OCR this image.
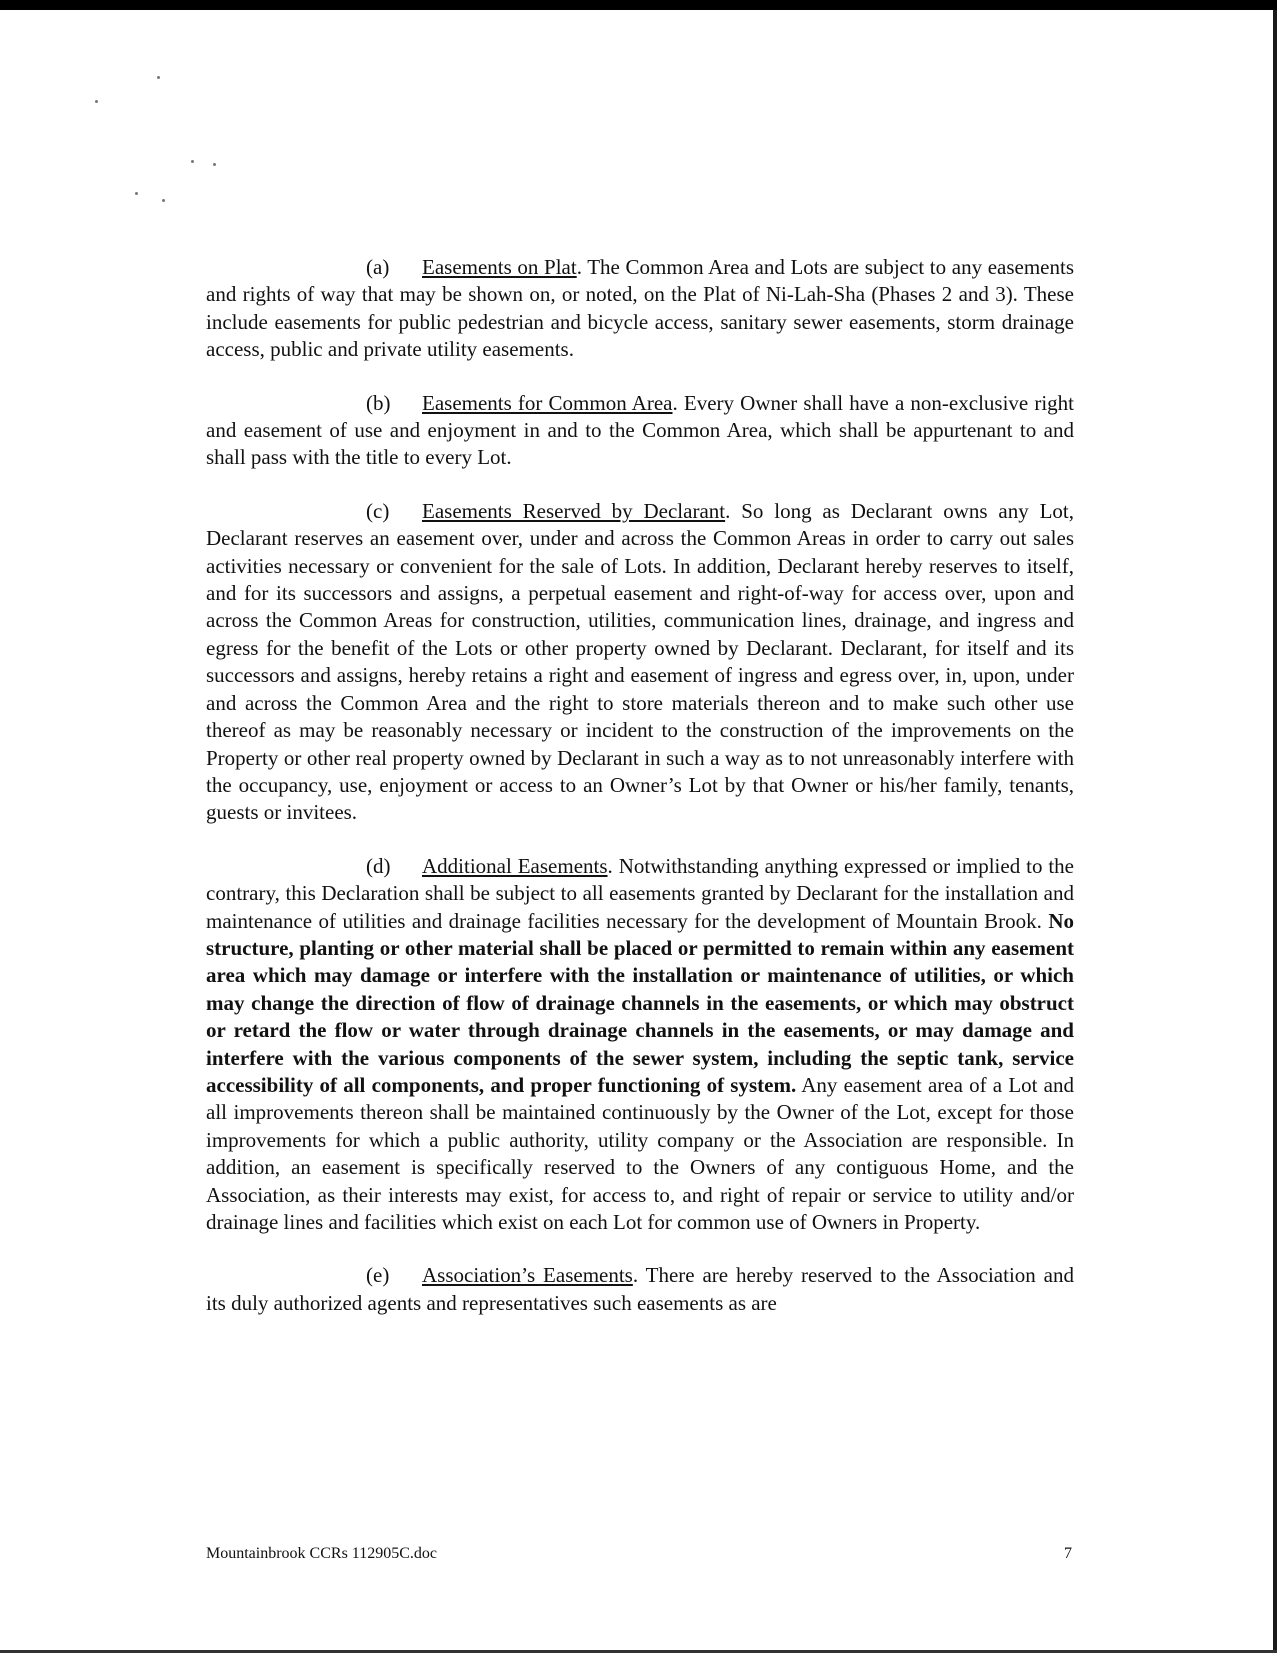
(a) Easements on Plat. The Common Area and Lots are subject to any easements and rights of way that may be shown on, or noted, on the Plat of Ni-Lah-Sha (Phases 2 and 3). These include easements for public pedestrian and bicycle access, sanitary sewer easements, storm drainage access, public and private utility easements.

(b) Easements for Common Area. Every Owner shall have a non-exclusive right and easement of use and enjoyment in and to the Common Area, which shall be appurtenant to and shall pass with the title to every Lot.

(c) Easements Reserved by Declarant. So long as Declarant owns any Lot, Declarant reserves an easement over, under and across the Common Areas in order to carry out sales activities necessary or convenient for the sale of Lots. In addition, Declarant hereby reserves to itself, and for its successors and assigns, a perpetual easement and right-of-way for access over, upon and across the Common Areas for construction, utilities, communication lines, drainage, and ingress and egress for the benefit of the Lots or other property owned by Declarant. Declarant, for itself and its successors and assigns, hereby retains a right and easement of ingress and egress over, in, upon, under and across the Common Area and the right to store materials thereon and to make such other use thereof as may be reasonably necessary or incident to the construction of the improvements on the Property or other real property owned by Declarant in such a way as to not unreasonably interfere with the occupancy, use, enjoyment or access to an Owner’s Lot by that Owner or his/her family, tenants, guests or invitees.

(d) Additional Easements. Notwithstanding anything expressed or implied to the contrary, this Declaration shall be subject to all easements granted by Declarant for the installation and maintenance of utilities and drainage facilities necessary for the development of Mountain Brook. No structure, planting or other material shall be placed or permitted to remain within any easement area which may damage or interfere with the installation or maintenance of utilities, or which may change the direction of flow of drainage channels in the easements, or which may obstruct or retard the flow or water through drainage channels in the easements, or may damage and interfere with the various components of the sewer system, including the septic tank, service accessibility of all components, and proper functioning of system. Any easement area of a Lot and all improvements thereon shall be maintained continuously by the Owner of the Lot, except for those improvements for which a public authority, utility company or the Association are responsible. In addition, an easement is specifically reserved to the Owners of any contiguous Home, and the Association, as their interests may exist, for access to, and right of repair or service to utility and/or drainage lines and facilities which exist on each Lot for common use of Owners in Property.

(e) Association’s Easements. There are hereby reserved to the Association and its duly authorized agents and representatives such easements as are

Mountainbrook CCRs 112905C.doc	7
